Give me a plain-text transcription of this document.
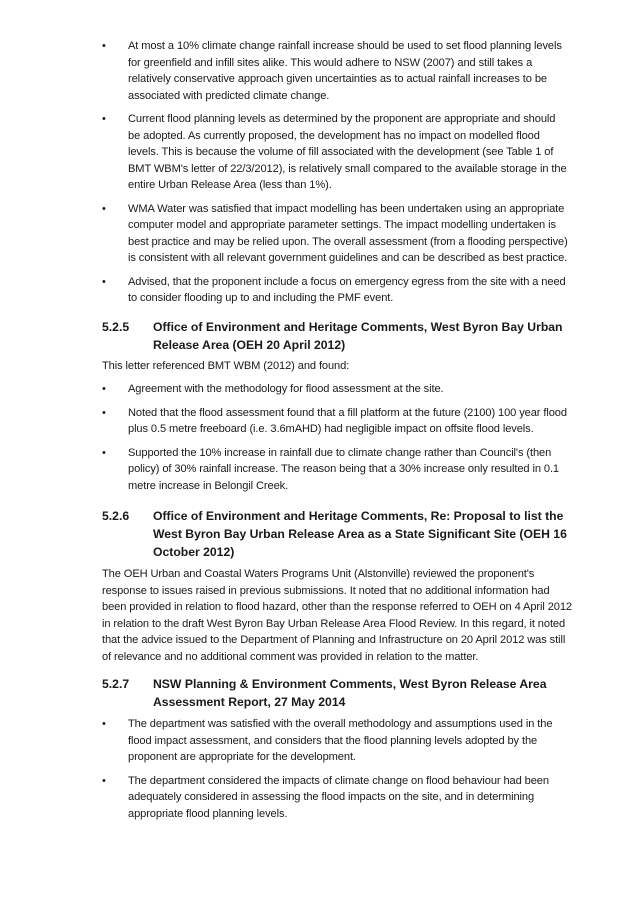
•	At most a 10% climate change rainfall increase should be used to set flood planning levels for greenfield and infill sites alike. This would adhere to NSW (2007) and still takes a relatively conservative approach given uncertainties as to actual rainfall increases to be associated with predicted climate change.
•	Current flood planning levels as determined by the proponent are appropriate and should be adopted. As currently proposed, the development has no impact on modelled flood levels. This is because the volume of fill associated with the development (see Table 1 of BMT WBM's letter of 22/3/2012), is relatively small compared to the available storage in the entire Urban Release Area (less than 1%).
•	WMA Water was satisfied that impact modelling has been undertaken using an appropriate computer model and appropriate parameter settings. The impact modelling undertaken is best practice and may be relied upon. The overall assessment (from a flooding perspective) is consistent with all relevant government guidelines and can be described as best practice.
•	Advised, that the proponent include a focus on emergency egress from the site with a need to consider flooding up to and including the PMF event.
5.2.5 Office of Environment and Heritage Comments, West Byron Bay Urban Release Area (OEH 20 April 2012)

This letter referenced BMT WBM (2012) and found:

•	Agreement with the methodology for flood assessment at the site.
•	Noted that the flood assessment found that a fill platform at the future (2100) 100 year flood plus 0.5 metre freeboard (i.e. 3.6mAHD) had negligible impact on offsite flood levels.
•	Supported the 10% increase in rainfall due to climate change rather than Council's (then policy) of 30% rainfall increase. The reason being that a 30% increase only resulted in 0.1 metre increase in Belongil Creek.
5.2.6 Office of Environment and Heritage Comments, Re: Proposal to list the West Byron Bay Urban Release Area as a State Significant Site (OEH 16 October 2012)

The OEH Urban and Coastal Waters Programs Unit (Alstonville) reviewed the proponent's response to issues raised in previous submissions. It noted that no additional information had been provided in relation to flood hazard, other than the response referred to OEH on 4 April 2012 in relation to the draft West Byron Bay Urban Release Area Flood Review. In this regard, it noted that the advice issued to the Department of Planning and Infrastructure on 20 April 2012 was still of relevance and no additional comment was provided in relation to the matter.

5.2.7 NSW Planning & Environment Comments, West Byron Release Area Assessment Report, 27 May 2014
•	The department was satisfied with the overall methodology and assumptions used in the flood impact assessment, and considers that the flood planning levels adopted by the proponent are appropriate for the development.
•	The department considered the impacts of climate change on flood behaviour had been adequately considered in assessing the flood impacts on the site, and in determining appropriate flood planning levels.
